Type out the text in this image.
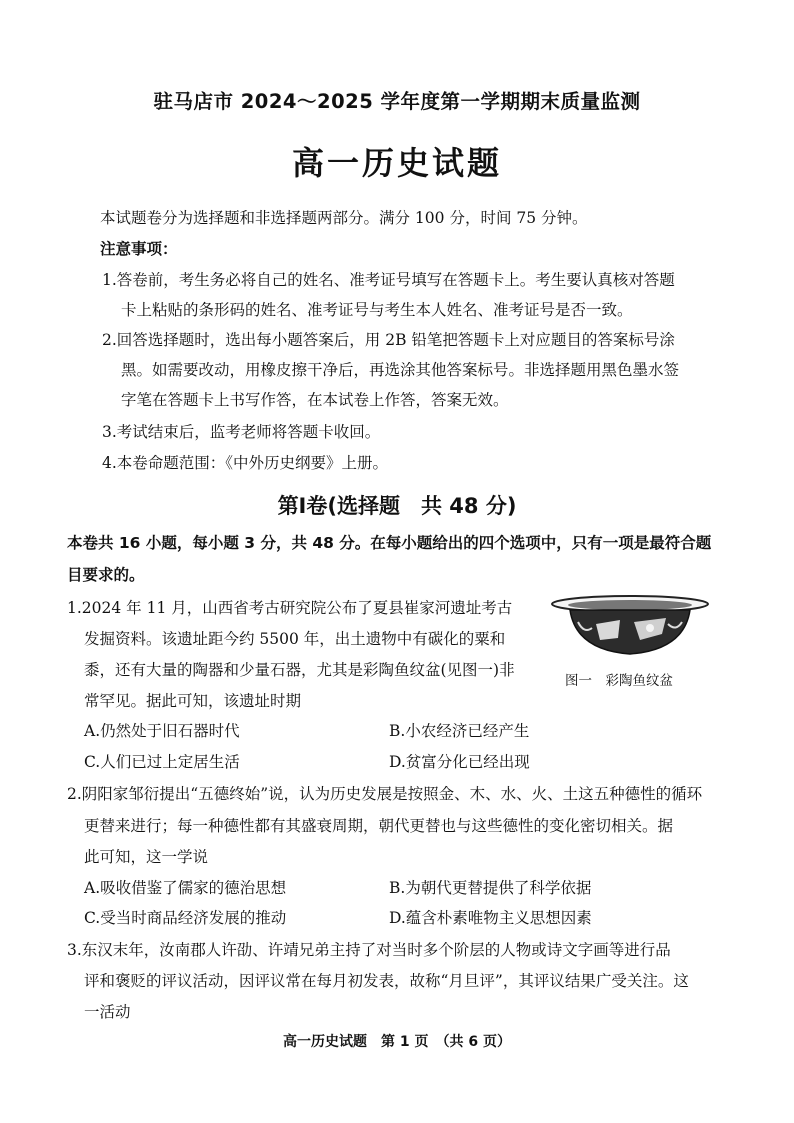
驻马店市 2024～2025 学年度第一学期期末质量监测
高一历史试题
本试题卷分为选择题和非选择题两部分。满分 100 分，时间 75 分钟。
注意事项：
1.答卷前，考生务必将自己的姓名、准考证号填写在答题卡上。考生要认真核对答题
卡上粘贴的条形码的姓名、准考证号与考生本人姓名、准考证号是否一致。
2.回答选择题时，选出每小题答案后，用 2B 铅笔把答题卡上对应题目的答案标号涂
黑。如需要改动，用橡皮擦干净后，再选涂其他答案标号。非选择题用黑色墨水签
字笔在答题卡上书写作答，在本试卷上作答，答案无效。
3.考试结束后，监考老师将答题卡收回。
4.本卷命题范围：《中外历史纲要》上册。
第Ⅰ卷(选择题　共 48 分)
本卷共 16 小题，每小题 3 分，共 48 分。在每小题给出的四个选项中，只有一项是最符合题
目要求的。
1.2024 年 11 月，山西省考古研究院公布了夏县崔家河遗址考古
发掘资料。该遗址距今约 5500 年，出土遗物中有碳化的粟和
黍，还有大量的陶器和少量石器，尤其是彩陶鱼纹盆(见图一)非
常罕见。据此可知，该遗址时期
图一　彩陶鱼纹盆
A.仍然处于旧石器时代	B.小农经济已经产生
C.人们已过上定居生活	D.贫富分化已经出现
2.阴阳家邹衍提出“五德终始”说，认为历史发展是按照金、木、水、火、土这五种德性的循环
更替来进行；每一种德性都有其盛衰周期，朝代更替也与这些德性的变化密切相关。据
此可知，这一学说
A.吸收借鉴了儒家的德治思想	B.为朝代更替提供了科学依据
C.受当时商品经济发展的推动	D.蕴含朴素唯物主义思想因素
3.东汉末年，汝南郡人许劭、许靖兄弟主持了对当时多个阶层的人物或诗文字画等进行品
评和褒贬的评议活动，因评议常在每月初发表，故称“月旦评”，其评议结果广受关注。这
一活动
高一历史试题　第 1 页　（共 6 页）
